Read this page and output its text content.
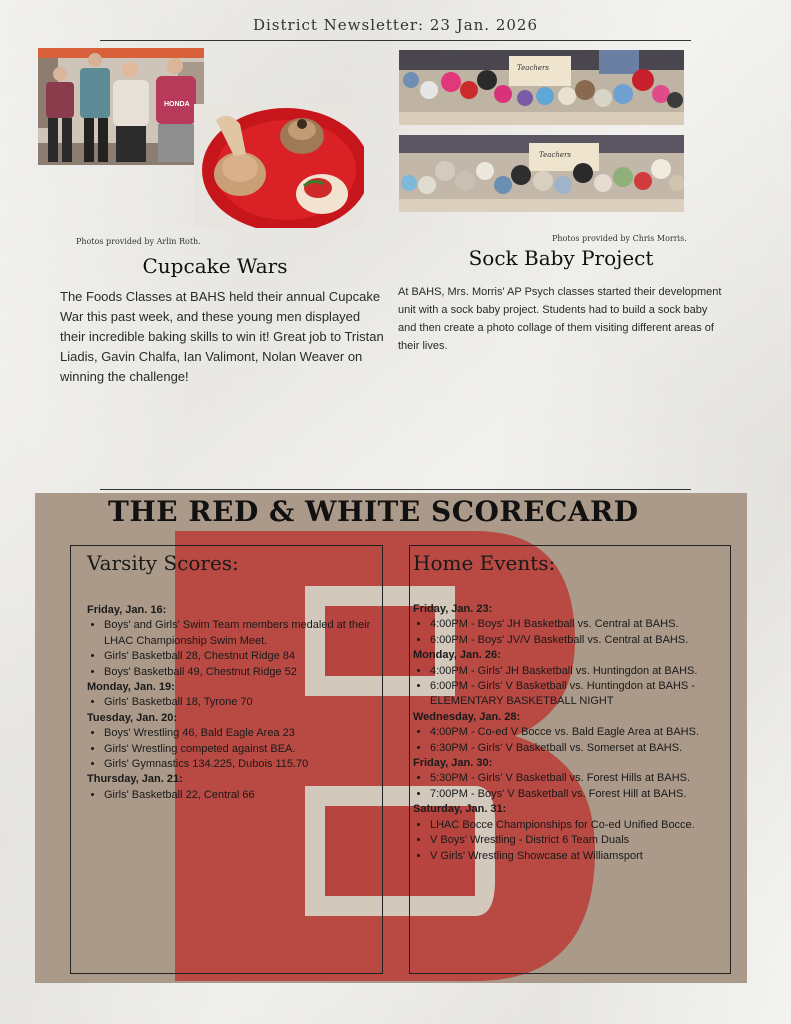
District Newsletter: 23 Jan. 2026
HONDA
Photos provided by Arlin Roth.
Cupcake Wars
The Foods Classes at BAHS held their annual Cupcake War this past week, and these young men displayed their incredible baking skills to win it! Great job to Tristan Liadis, Gavin Chalfa, Ian Valimont, Nolan Weaver on winning the challenge!
Teachers
Teachers
Photos provided by Chris Morris.
Sock Baby Project
At BAHS, Mrs. Morris' AP Psych classes started their development unit with a sock baby project. Students had to build a sock baby and then create a photo collage of them visiting different areas of their lives.
THE RED & WHITE SCORECARD
Varsity Scores:
Friday, Jan. 16:
• Boys' and Girls' Swim Team members medaled at their LHAC Championship Swim Meet.
• Girls' Basketball 28, Chestnut Ridge 84
• Boys' Basketball 49, Chestnut Ridge 52
Monday, Jan. 19:
• Girls' Basketball 18, Tyrone 70
Tuesday, Jan. 20:
• Boys' Wrestling 46, Bald Eagle Area 23
• Girls' Wrestling competed against BEA.
• Girls' Gymnastics 134.225, Dubois 115.70
Thursday, Jan. 21:
• Girls' Basketball 22, Central 66
Home Events:
Friday, Jan. 23:
• 4:00PM - Boys' JH Basketball vs. Central at BAHS.
• 6:00PM - Boys' JV/V Basketball vs. Central at BAHS.
Monday, Jan. 26:
• 4:00PM - Girls' JH Basketball vs. Huntingdon at BAHS.
• 6:00PM - Girls' V Basketball vs. Huntingdon at BAHS - ELEMENTARY BASKETBALL NIGHT
Wednesday, Jan. 28:
• 4:00PM - Co-ed V Bocce vs. Bald Eagle Area at BAHS.
• 6:30PM - Girls' V Basketball vs. Somerset at BAHS.
Friday, Jan. 30:
• 5:30PM - Girls' V Basketball vs. Forest Hills at BAHS.
• 7:00PM - Boys' V Basketball vs. Forest Hill at BAHS.
Saturday, Jan. 31:
• LHAC Bocce Championships for Co-ed Unified Bocce.
• V Boys' Wrestling - District 6 Team Duals
• V Girls' Wrestling Showcase at Williamsport
